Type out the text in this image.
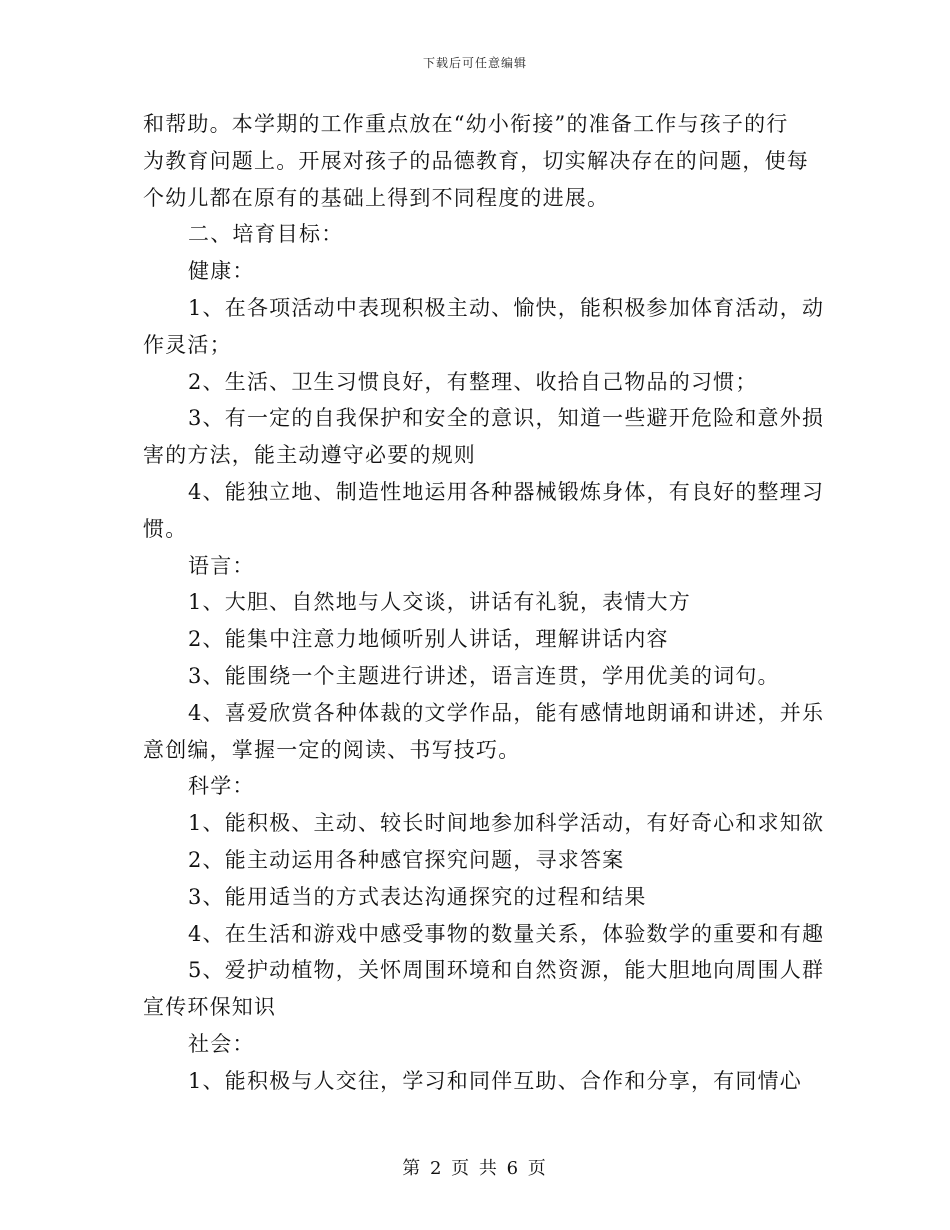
下载后可任意编辑
和帮助。本学期的工作重点放在“幼小衔接”的准备工作与孩子的行
为教育问题上。开展对孩子的品德教育，切实解决存在的问题，使每
个幼儿都在原有的基础上得到不同程度的进展。
二、培育目标：
健康：
1、在各项活动中表现积极主动、愉快，能积极参加体育活动，动
作灵活；
2、生活、卫生习惯良好，有整理、收拾自己物品的习惯；
3、有一定的自我保护和安全的意识，知道一些避开危险和意外损
害的方法，能主动遵守必要的规则
4、能独立地、制造性地运用各种器械锻炼身体，有良好的整理习
惯。
语言：
1、大胆、自然地与人交谈，讲话有礼貌，表情大方
2、能集中注意力地倾听别人讲话，理解讲话内容
3、能围绕一个主题进行讲述，语言连贯，学用优美的词句。
4、喜爱欣赏各种体裁的文学作品，能有感情地朗诵和讲述，并乐
意创编，掌握一定的阅读、书写技巧。
科学：
1、能积极、主动、较长时间地参加科学活动，有好奇心和求知欲
2、能主动运用各种感官探究问题，寻求答案
3、能用适当的方式表达沟通探究的过程和结果
4、在生活和游戏中感受事物的数量关系，体验数学的重要和有趣
5、爱护动植物，关怀周围环境和自然资源，能大胆地向周围人群
宣传环保知识
社会：
1、能积极与人交往，学习和同伴互助、合作和分享，有同情心
第 2 页 共 6 页
